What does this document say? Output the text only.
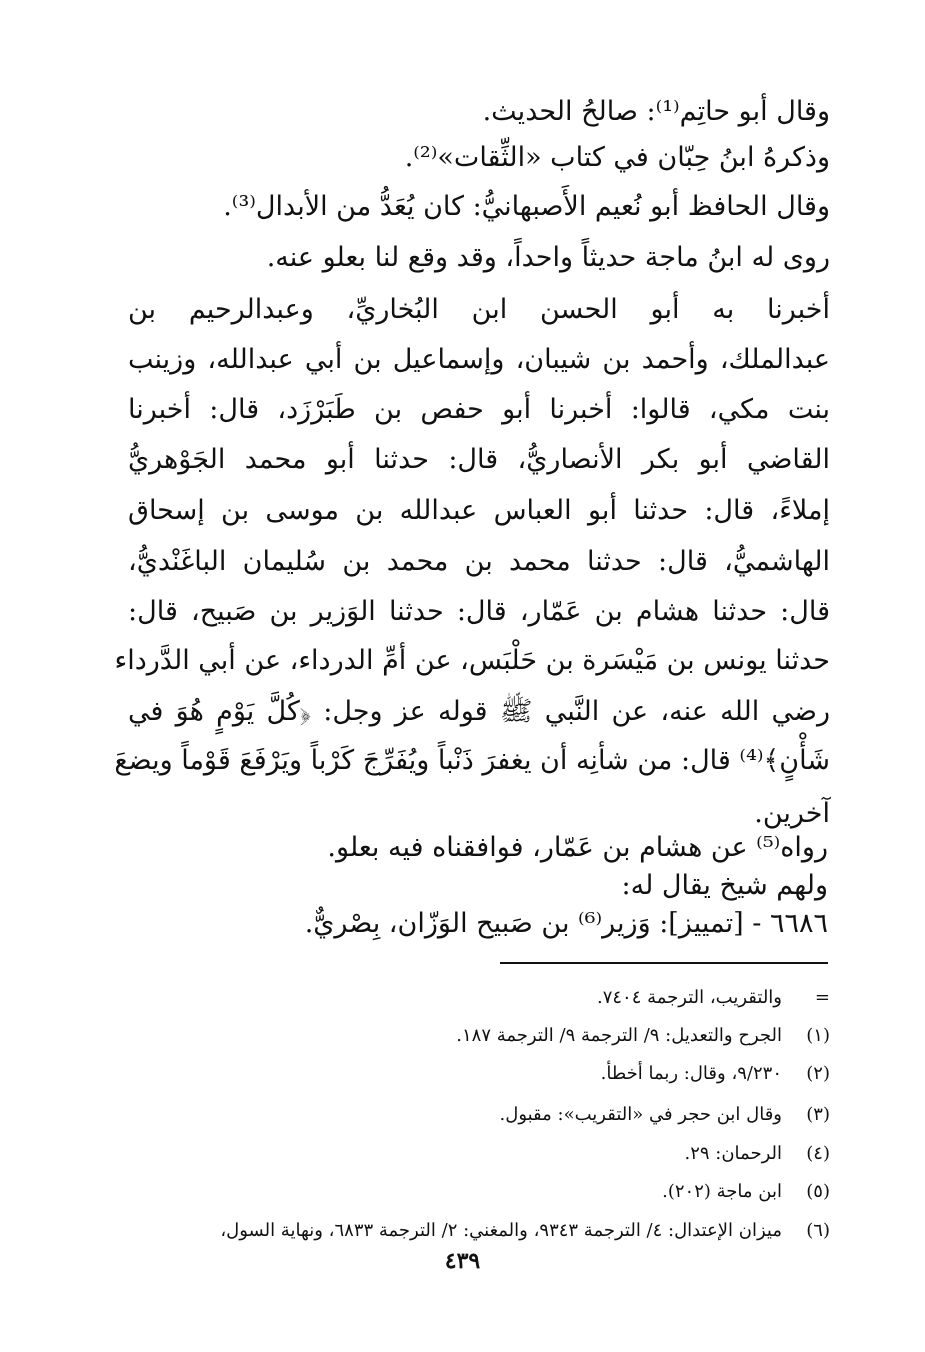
وقال أبو حاتِم⁽¹⁾: صالحُ الحديث.
وذكرهُ ابنُ حِبّان في كتاب «الثِّقات»⁽²⁾.
وقال الحافظ أبو نُعيم الأَصبهانيُّ: كان يُعَدُّ من الأبدال⁽³⁾.
روى له ابنُ ماجة حديثاً واحداً، وقد وقع لنا بعلو عنه.
أخبرنا به أبو الحسن ابن البُخاريِّ، وعبدالرحيم بن
عبدالملك، وأحمد بن شيبان، وإسماعيل بن أبي عبدالله، وزينب
بنت مكي، قالوا: أخبرنا أبو حفص بن طَبَرْزَد، قال: أخبرنا
القاضي أبو بكر الأنصاريُّ، قال: حدثنا أبو محمد الجَوْهريُّ
إملاءً، قال: حدثنا أبو العباس عبدالله بن موسى بن إسحاق
الهاشميُّ، قال: حدثنا محمد بن محمد بن سُليمان الباغَنْديُّ،
قال: حدثنا هشام بن عَمّار، قال: حدثنا الوَزير بن صَبيح، قال:
حدثنا يونس بن مَيْسَرة بن حَلْبَس، عن أمِّ الدرداء، عن أبي الدَّرداء
رضي الله عنه، عن النَّبي ﷺ قوله عز وجل: ﴿كُلَّ يَوْمٍ هُوَ في
شَأْنٍ﴾⁽⁴⁾ قال: من شأنِه أن يغفرَ ذَنْباً ويُفَرِّجَ كَرْباً ويَرْفَعَ قَوْماً ويضعَ
آخرين.
رواه⁽⁵⁾ عن هشام بن عَمّار، فوافقناه فيه بعلو.
ولهم شيخ يقال له:
٦٦٨٦ - [تمييز]: وَزير⁽⁶⁾ بن صَبيح الوَزّان، بِصْريٌّ.
=
والتقريب، الترجمة ٧٤٠٤.
(١)
الجرح والتعديل: ٩/ الترجمة ٩/ الترجمة ١٨٧.
(٢)
٩/٢٣٠، وقال: ربما أخطأ.
(٣)
وقال ابن حجر في «التقريب»: مقبول.
(٤)
الرحمان: ٢٩.
(٥)
ابن ماجة (٢٠٢).
(٦)
ميزان الإعتدال: ٤/ الترجمة ٩٣٤٣، والمغني: ٢/ الترجمة ٦٨٣٣، ونهاية السول،
٤٣٩
